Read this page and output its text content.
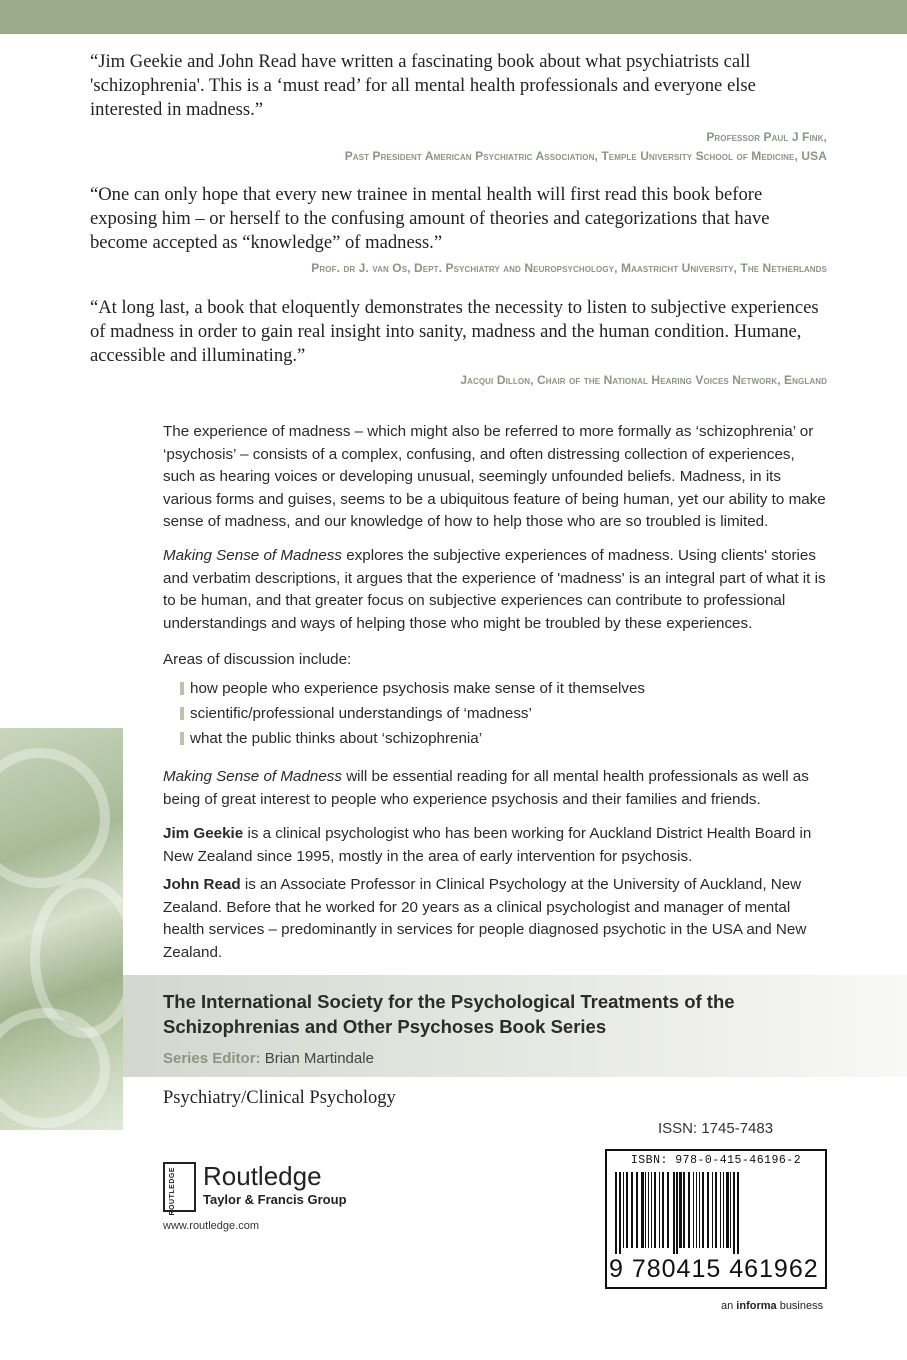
“Jim Geekie and John Read have written a fascinating book about what psychiatrists call 'schizophrenia'. This is a ‘must read’ for all mental health professionals and everyone else interested in madness.”

Professor Paul J Fink,
Past President American Psychiatric Association, Temple University School of Medicine, USA

“One can only hope that every new trainee in mental health will first read this book before exposing him – or herself to the confusing amount of theories and categorizations that have become accepted as “knowledge” of madness.”

Prof. dr J. van Os, Dept. Psychiatry and Neuropsychology, Maastricht University, The Netherlands

“At long last, a book that eloquently demonstrates the necessity to listen to subjective experiences of madness in order to gain real insight into sanity, madness and the human condition. Humane, accessible and illuminating.”

Jacqui Dillon, Chair of the National Hearing Voices Network, England

The experience of madness – which might also be referred to more formally as ‘schizophrenia’ or ‘psychosis’ – consists of a complex, confusing, and often distressing collection of experiences, such as hearing voices or developing unusual, seemingly unfounded beliefs. Madness, in its various forms and guises, seems to be a ubiquitous feature of being human, yet our ability to make sense of madness, and our knowledge of how to help those who are so troubled is limited.

Making Sense of Madness explores the subjective experiences of madness. Using clients' stories and verbatim descriptions, it argues that the experience of 'madness' is an integral part of what it is to be human, and that greater focus on subjective experiences can contribute to professional understandings and ways of helping those who might be troubled by these experiences.

Areas of discussion include:

how people who experience psychosis make sense of it themselves
scientific/professional understandings of ‘madness’
what the public thinks about ‘schizophrenia’

Making Sense of Madness will be essential reading for all mental health professionals as well as being of great interest to people who experience psychosis and their families and friends.

Jim Geekie is a clinical psychologist who has been working for Auckland District Health Board in New Zealand since 1995, mostly in the area of early intervention for psychosis.

John Read is an Associate Professor in Clinical Psychology at the University of Auckland, New Zealand. Before that he worked for 20 years as a clinical psychologist and manager of mental health services – predominantly in services for people diagnosed psychotic in the USA and New Zealand.

The International Society for the Psychological Treatments of the Schizophrenias and Other Psychoses Book Series

Series Editor: Brian Martindale
Psychiatry/Clinical Psychology
ISSN: 1745-7483
ROUTLEDGE	Routledge
Taylor & Francis Group
www.routledge.com
ISBN: 978-0-415-46196-2
9 780415 461962
an informa business
